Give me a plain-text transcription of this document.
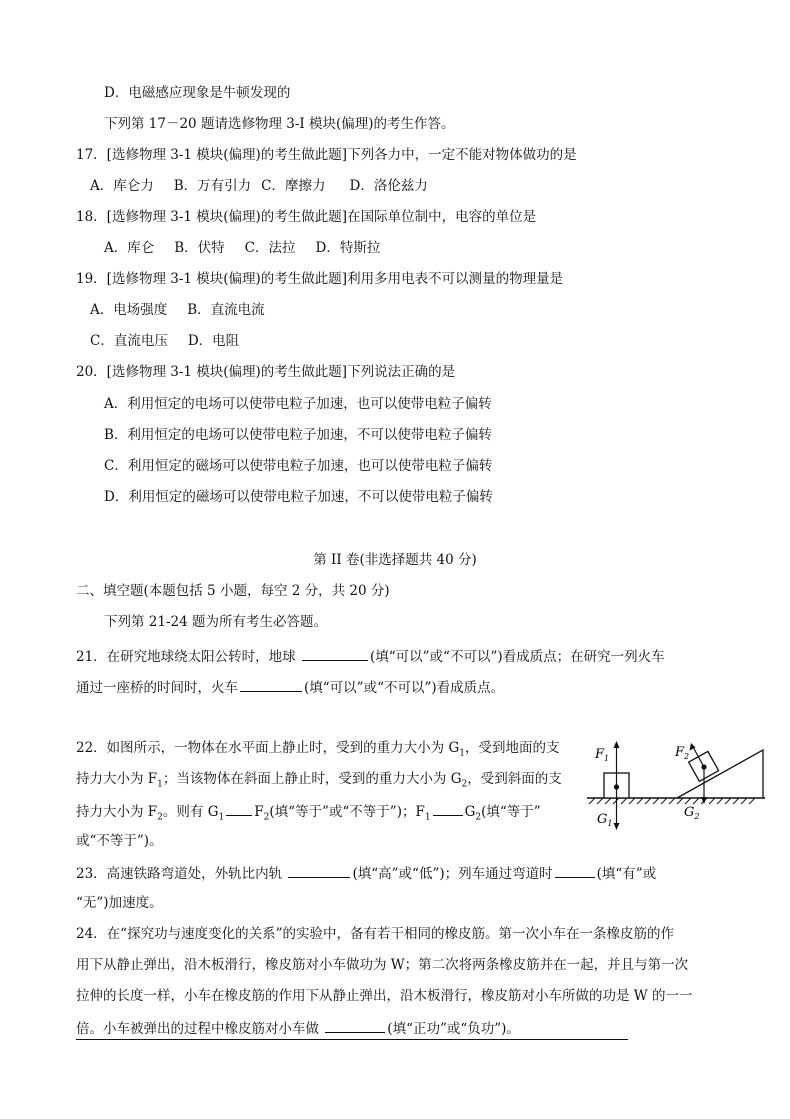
D．电磁感应现象是牛顿发现的
下列第 17－20 题请选修物理 3-I 模块(偏理)的考生作答。
17．[选修物理 3-1 模块(偏理)的考生做此题]下列各力中，一定不能对物体做功的是
A．库仑力 B．万有引力 C．摩擦力 D．洛伦兹力
18．[选修物理 3-1 模块(偏理)的考生做此题]在国际单位制中，电容的单位是
A．库仑 B．伏特 C．法拉 D．特斯拉
19．[选修物理 3-1 模块(偏理)的考生做此题]利用多用电表不可以测量的物理量是
A．电场强度 B．直流电流
C．直流电压 D．电阻
20．[选修物理 3-1 模块(偏理)的考生做此题]下列说法正确的是
A．利用恒定的电场可以使带电粒子加速，也可以使带电粒子偏转
B．利用恒定的电场可以使带电粒子加速，不可以使带电粒子偏转
C．利用恒定的磁场可以使带电粒子加速，也可以使带电粒子偏转
D．利用恒定的磁场可以使带电粒子加速，不可以使带电粒子偏转
第 II 卷(非选择题共 40 分)
二、填空题(本题包括 5 小题，每空 2 分，共 20 分)
下列第 21-24 题为所有考生必答题。
21．在研究地球绕太阳公转时，地球	(填“可以”或“不可以”)看成质点；在研究一列火车
通过一座桥的时间时，火车	(填“可以”或“不可以”)看成质点。
22．如图所示，一物体在水平面上静止时，受到的重力大小为 $G_1$，受到地面的支
持力大小为 $F_1$；当该物体在斜面上静止时，受到的重力大小为 $G_2$，受到斜面的支
持力大小为 $F_2$。则有 $G_1$ $F_2$(填“等于”或“不等于”)；$F_1$	$G_2$(填“等于”
或“不等于”)。
$F_1$
$G_1$
$F_2$
$G_2$
23．高速铁路弯道处，外轨比内轨	(填“高”或“低”)；列车通过弯道时	(填“有”或
“无”)加速度。
24．在“探究功与速度变化的关系”的实验中，备有若干相同的橡皮筋。第一次小车在一条橡皮筋的作
用下从静止弹出，沿木板滑行，橡皮筋对小车做功为 W；第二次将两条橡皮筋并在一起，并且与第一次
拉伸的长度一样，小车在橡皮筋的作用下从静止弹出，沿木板滑行，橡皮筋对小车所做的功是 W 的一一
倍。小车被弹出的过程中橡皮筋对小车做	(填“正功”或“负功”)。
